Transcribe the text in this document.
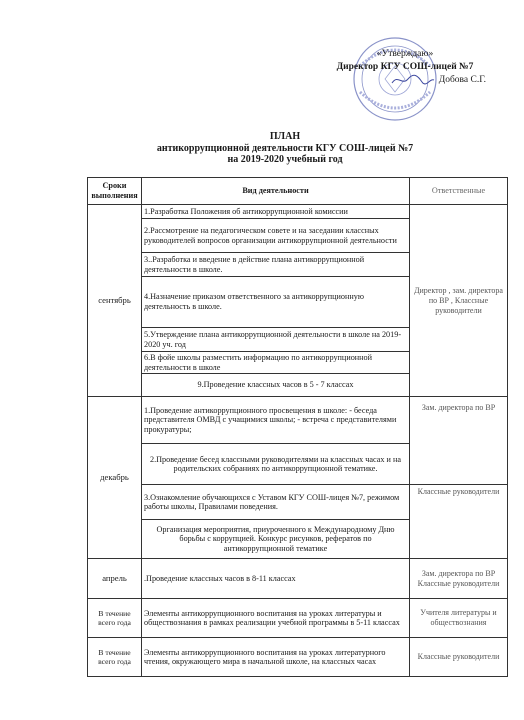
«Утверждаю»
Директор КГУ СОШ-лицей №7
Добова С.Г.
ПЛАН
антикоррупционной деятельности КГУ СОШ-лицей №7
на 2019-2020 учебный год
Сроки выполнения	Вид деятельности	Ответственные
сентябрь	1.Разработка Положения об антикоррупционной комиссии	Директор , зам. директора по ВР , Классные руководители
	2.Рассмотрение на педагогическом совете и на заседании классных руководителей вопросов организации антикоррупционной деятельности	
	3..Разработка и введение в действие плана антикоррупционной деятельности в школе.	
	4.Назначение приказом ответственного за антикоррупционную деятельность в школе.	
	5.Утверждение плана антикоррупционной деятельности в школе на 2019-2020 уч. год	
	6.В фойе школы разместить информацию по антикоррупционной деятельности в школе	
	9.Проведение классных часов в 5 - 7 классах	
декабрь	1.Проведение антикоррупционного просвещения в школе: - беседа представителя ОМВД с учащимися школы; - встреча с представителями прокуратуры;	Зам. директора по ВР
	2.Проведение бесед классными руководителями на классных часах и на родительских собраниях по антикоррупционной тематике.	
	3.Ознакомление обучающихся с Уставом КГУ СОШ-лицея №7, режимом работы школы, Правилами поведения.	Классные руководители
	Организация мероприятия, приуроченного к Международному Дню борьбы с коррупцией. Конкурс рисунков, рефератов по антикоррупционной тематике	
апрель	.Проведение классных часов в 8-11 классах	Зам. директора по ВР Классные руководители
В течение всего года	Элементы антикоррупционного воспитания на уроках литературы и обществознания в рамках реализации учебной программы в 5-11 классах	Учителя литературы и обществознания
В течение всего года	Элементы антикоррупционного воспитания на уроках литературного чтения, окружающего мира в начальной школе, на классных часах	Классные руководители
